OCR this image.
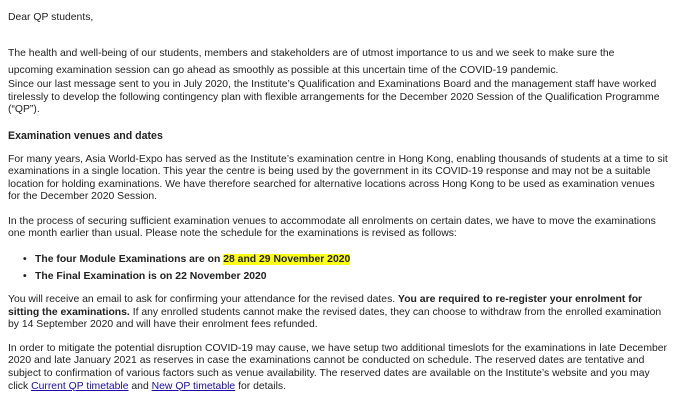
Dear QP students,

The health and well-being of our students, members and stakeholders are of utmost importance to us and we seek to make sure the

upcoming examination session can go ahead as smoothly as possible at this uncertain time of the COVID-19 pandemic.

Since our last message sent to you in July 2020, the Institute’s Qualification and Examinations Board and the management staff have worked tirelessly to develop the following contingency plan with flexible arrangements for the December 2020 Session of the Qualification Programme (“QP”).

Examination venues and dates

For many years, Asia World-Expo has served as the Institute’s examination centre in Hong Kong, enabling thousands of students at a time to sit examinations in a single location. This year the centre is being used by the government in its COVID-19 response and may not be a suitable location for holding examinations. We have therefore searched for alternative locations across Hong Kong to be used as examination venues for the December 2020 Session.

In the process of securing sufficient examination venues to accommodate all enrolments on certain dates, we have to move the examinations one month earlier than usual. Please note the schedule for the examinations is revised as follows:

• The four Module Examinations are on 28 and 29 November 2020
• The Final Examination is on 22 November 2020

You will receive an email to ask for confirming your attendance for the revised dates. You are required to re-register your enrolment for sitting the examinations. If any enrolled students cannot make the revised dates, they can choose to withdraw from the enrolled examination by 14 September 2020 and will have their enrolment fees refunded.

In order to mitigate the potential disruption COVID-19 may cause, we have setup two additional timeslots for the examinations in late December 2020 and late January 2021 as reserves in case the examinations cannot be conducted on schedule. The reserved dates are tentative and subject to confirmation of various factors such as venue availability. The reserved dates are available on the Institute’s website and you may click Current QP timetable and New QP timetable for details.
